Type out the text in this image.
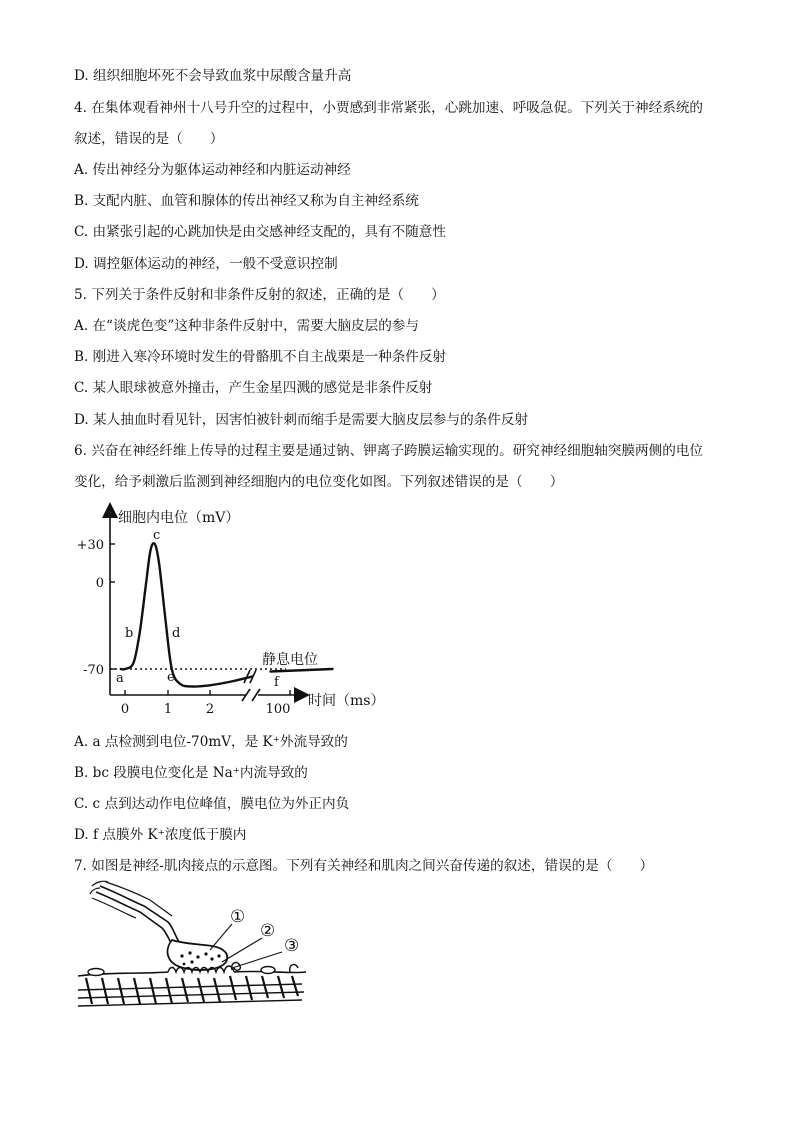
D. 组织细胞坏死不会导致血浆中尿酸含量升高
4. 在集体观看神州十八号升空的过程中，小贾感到非常紧张，心跳加速、呼吸急促。下列关于神经系统的
叙述，错误的是（　　）
A. 传出神经分为躯体运动神经和内脏运动神经
B. 支配内脏、血管和腺体的传出神经又称为自主神经系统
C. 由紧张引起的心跳加快是由交感神经支配的，具有不随意性
D. 调控躯体运动的神经，一般不受意识控制
5. 下列关于条件反射和非条件反射的叙述，正确的是（　　）
A. 在“谈虎色变”这种非条件反射中，需要大脑皮层的参与
B. 刚进入寒冷环境时发生的骨骼肌不自主战栗是一种条件反射
C. 某人眼球被意外撞击，产生金星四溅的感觉是非条件反射
D. 某人抽血时看见针，因害怕被针刺而缩手是需要大脑皮层参与的条件反射
6. 兴奋在神经纤维上传导的过程主要是通过钠、钾离子跨膜运输实现的。研究神经细胞轴突膜两侧的电位
变化，给予刺激后监测到神经细胞内的电位变化如图。下列叙述错误的是（　　）
细胞内电位（mV）
时间（ms）
静息电位
+30
0
-70
0	1	2	100
a
b
c
d
e	f
A. a 点检测到电位-70mV，是 K⁺外流导致的
B. bc 段膜电位变化是 Na⁺内流导致的
C. c 点到达动作电位峰值，膜电位为外正内负
D. f 点膜外 K⁺浓度低于膜内
7. 如图是神经-肌肉接点的示意图。下列有关神经和肌肉之间兴奋传递的叙述，错误的是（　　）
①
②
③
